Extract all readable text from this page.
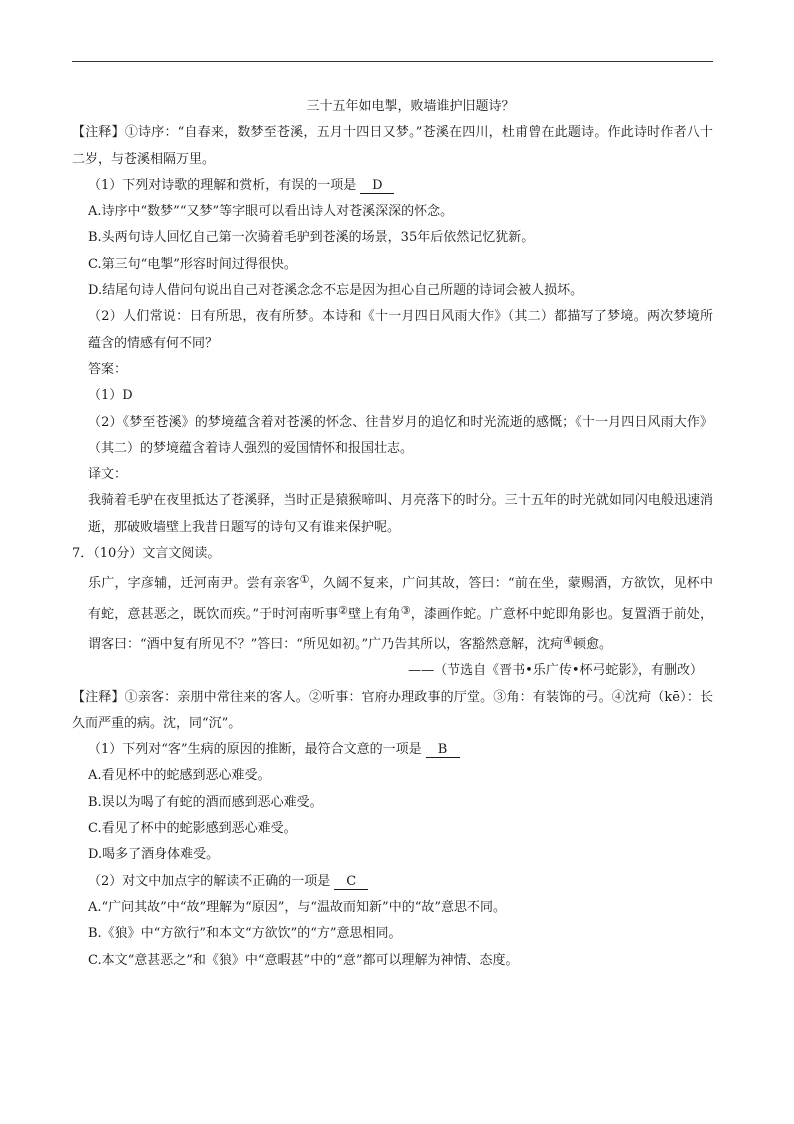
三十五年如电掣，败墙谁护旧题诗？

【注释】①诗序：“自春来，数梦至苍溪，五月十四日又梦。”苍溪在四川，杜甫曾在此题诗。作此诗时作者八十二岁，与苍溪相隔万里。

（1）下列对诗歌的理解和赏析，有误的一项是 D

A.诗序中“数梦”“又梦”等字眼可以看出诗人对苍溪深深的怀念。

B.头两句诗人回忆自己第一次骑着毛驴到苍溪的场景，35年后依然记忆犹新。

C.第三句“电掣”形容时间过得很快。

D.结尾句诗人借问句说出自己对苍溪念念不忘是因为担心自己所题的诗词会被人损坏。

（2）人们常说：日有所思，夜有所梦。本诗和《十一月四日风雨大作》（其二）都描写了梦境。两次梦境所蕴含的情感有何不同？

答案：

（1）D

（2）《梦至苍溪》的梦境蕴含着对苍溪的怀念、往昔岁月的追忆和时光流逝的感慨；《十一月四日风雨大作》（其二）的梦境蕴含着诗人强烈的爱国情怀和报国壮志。

译文：

我骑着毛驴在夜里抵达了苍溪驿，当时正是猿猴啼叫、月亮落下的时分。三十五年的时光就如同闪电般迅速消逝，那破败墙壁上我昔日题写的诗句又有谁来保护呢。

7．（10分）文言文阅读。

乐广，字彦辅，迁河南尹。尝有亲客①，久阔不复来，广问其故，答曰：“前在坐，蒙赐酒，方欲饮，见杯中有蛇，意甚恶之，既饮而疾。”于时河南听事②壁上有角③，漆画作蛇。广意杯中蛇即角影也。复置酒于前处，谓客曰：“酒中复有所见不？”答曰：“所见如初。”广乃告其所以，客豁然意解，沈疴④顿愈。

——（节选自《晋书•乐广传•杯弓蛇影》，有删改）

【注释】①亲客：亲朋中常往来的客人。②听事：官府办理政事的厅堂。③角：有装饰的弓。④沈疴（kē）：长久而严重的病。沈，同“沉”。

（1）下列对“客”生病的原因的推断，最符合文意的一项是 B

A.看见杯中的蛇感到恶心难受。

B.误以为喝了有蛇的酒而感到恶心难受。

C.看见了杯中的蛇影感到恶心难受。

D.喝多了酒身体难受。

（2）对文中加点字的解读不正确的一项是 C

A.“广问其故”中“故”理解为“原因”，与“温故而知新”中的“故”意思不同。

B.《狼》中“方欲行”和本文“方欲饮”的“方”意思相同。

C.本文“意甚恶之”和《狼》中“意暇甚”中的“意”都可以理解为神情、态度。
